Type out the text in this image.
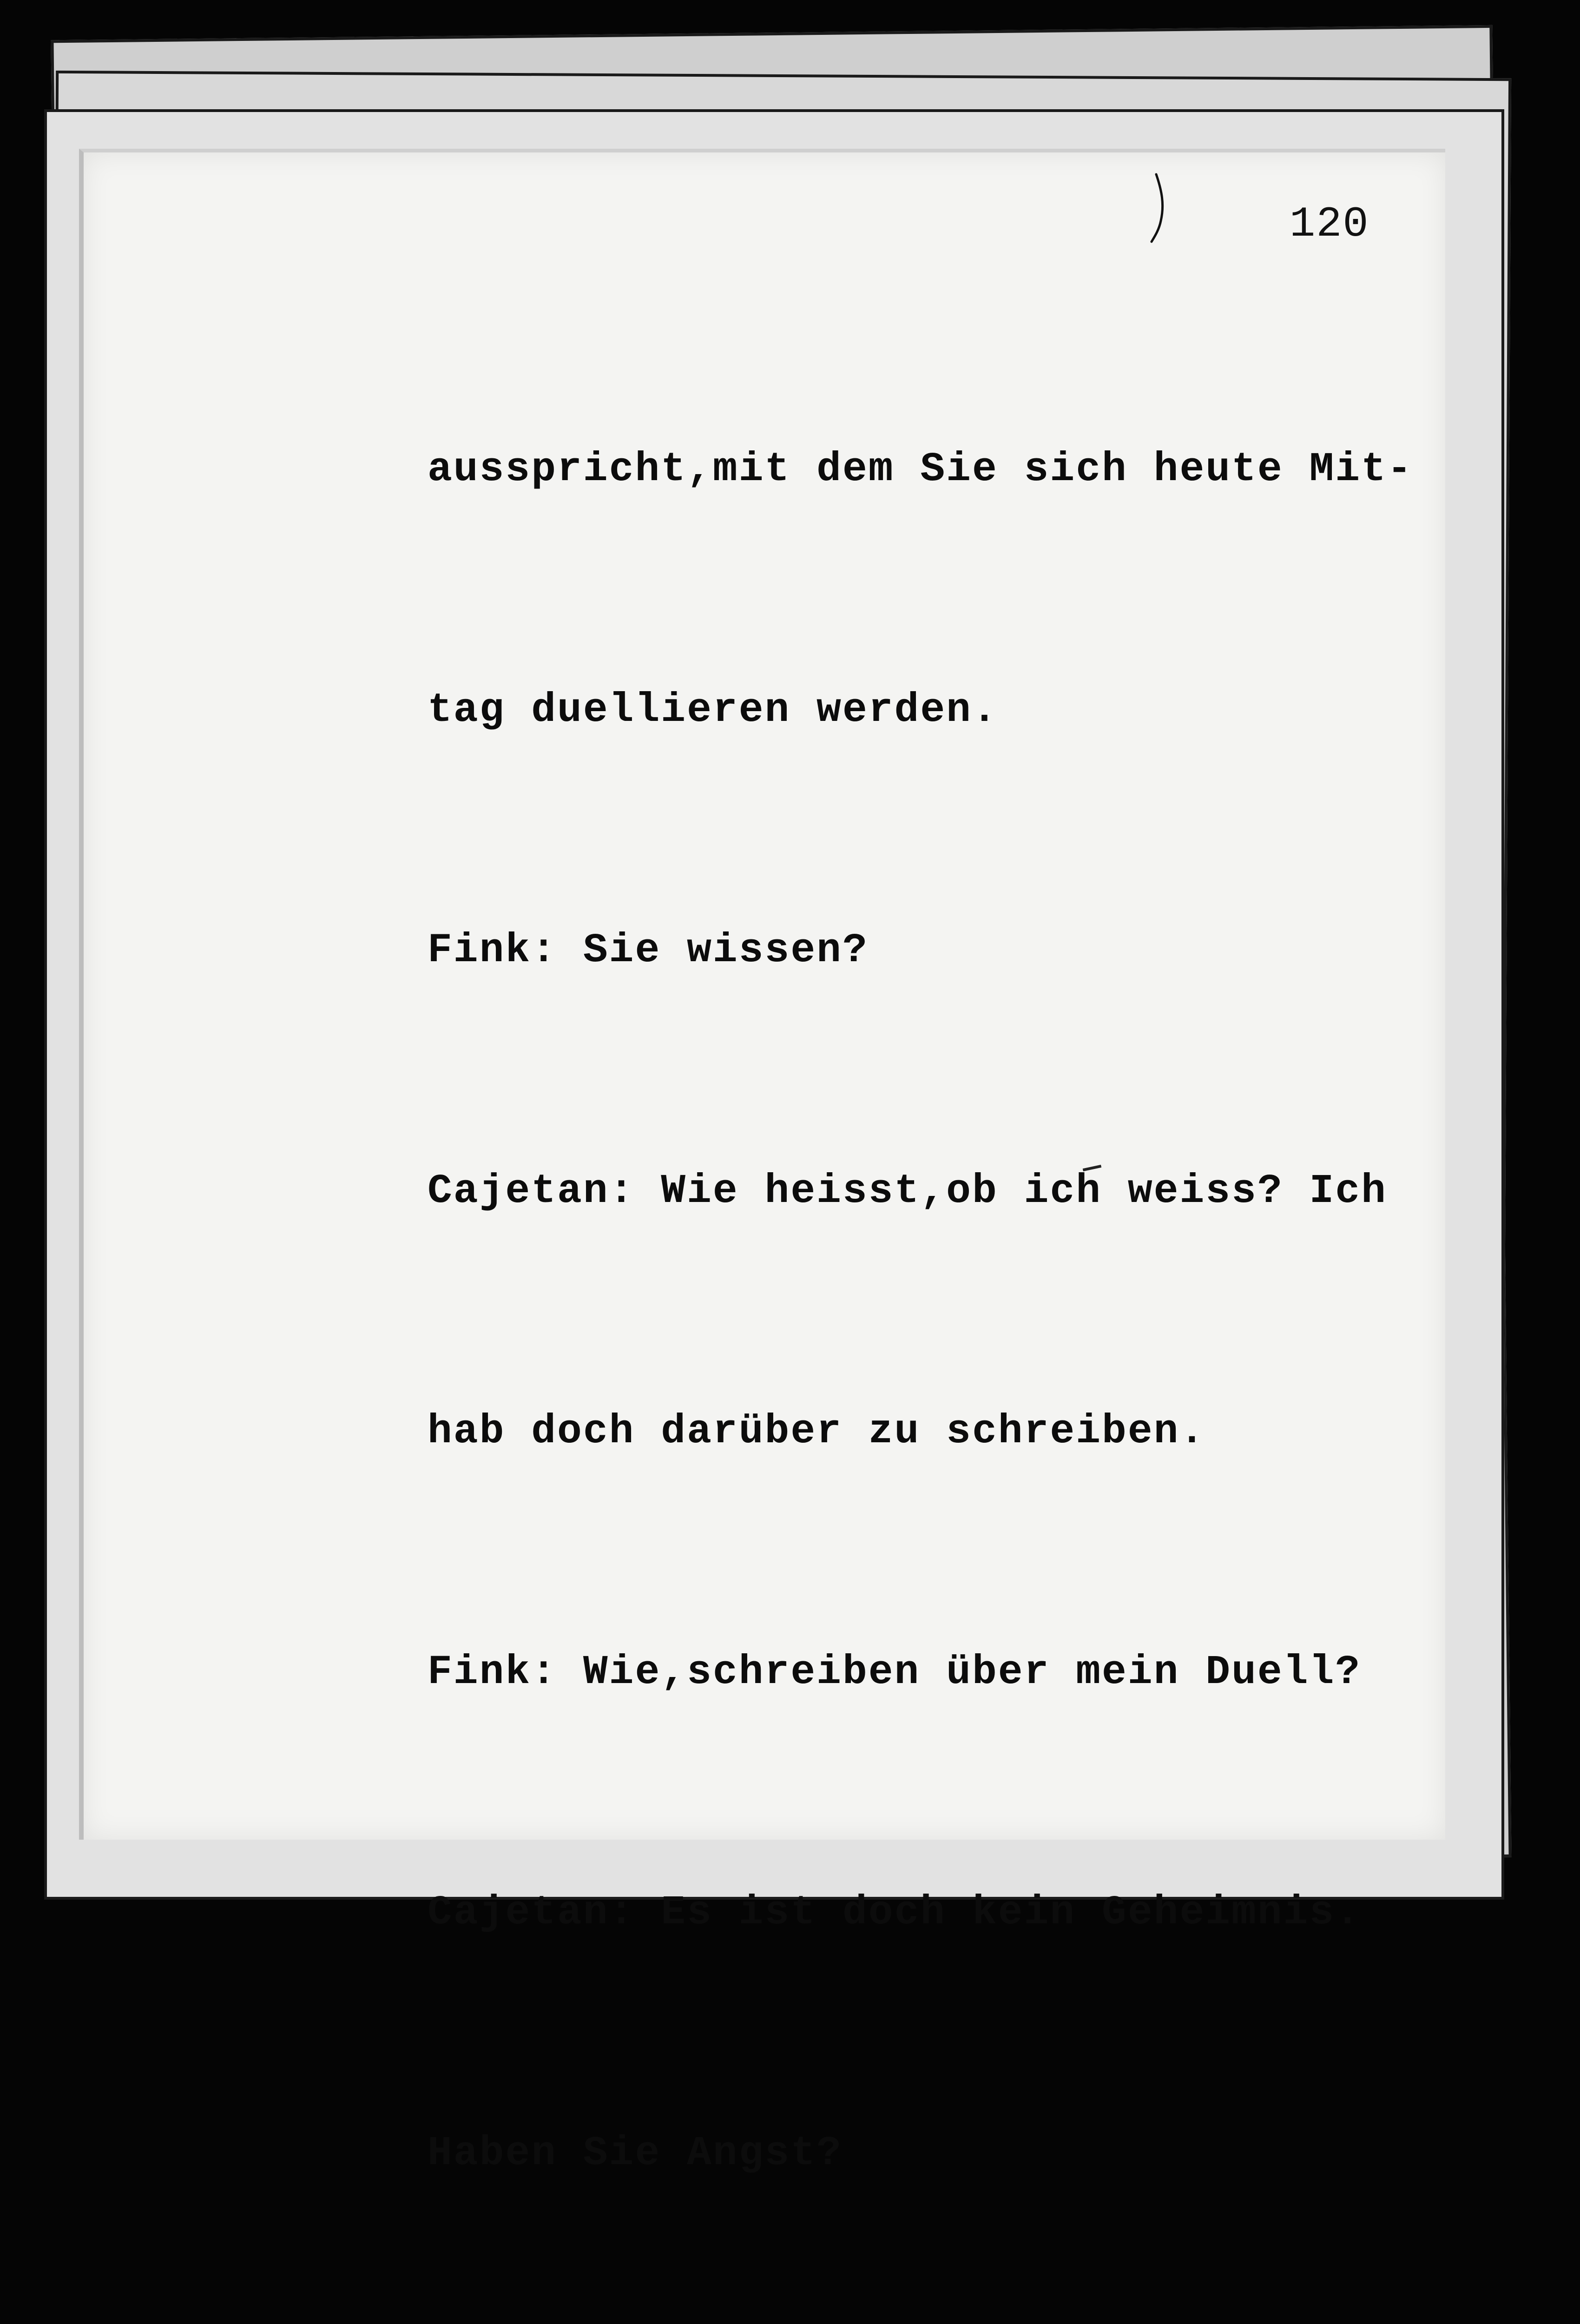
120

ausspricht,mit dem Sie sich heute Mit-

tag duellieren werden.

Fink: Sie wissen?

Cajetan: Wie heisst,ob ich weiss? Ich

hab doch darüber zu schreiben.

Fink: Wie,schreiben über mein Duell?

Cajetan: Es ist doch kein Geheimnis.

Haben Sie Angst?
